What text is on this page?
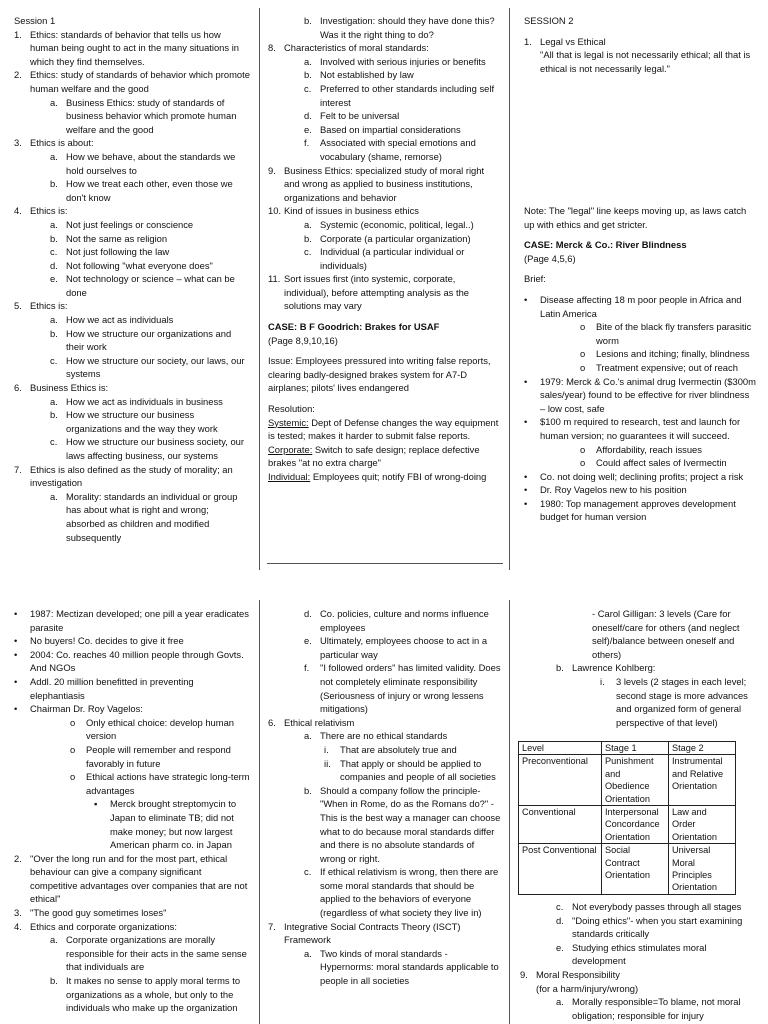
Session 1
1. Ethics: standards of behavior that tells us how human being ought to act in the many situations in which they find themselves.
2. Ethics: study of standards of behavior which promote human welfare and the good
a. Business Ethics: study of standards of business behavior which promote human welfare and the good
3. Ethics is about:
a. How we behave, about the standards we hold ourselves to
b. How we treat each other, even those we don't know
4. Ethics is:
a. Not just feelings or conscience
b. Not the same as religion
c. Not just following the law
d. Not following "what everyone does"
e. Not technology or science – what can be done
5. Ethics is:
a. How we act as individuals
b. How we structure our organizations and their work
c. How we structure our society, our laws, our systems
6. Business Ethics is:
a. How we act as individuals in business
b. How we structure our business organizations and the way they work
c. How we structure our business society, our laws affecting business, our systems
7. Ethics is also defined as the study of morality; an investigation
a. Morality: standards an individual or group has about what is right and wrong; absorbed as children and modified subsequently
b. Investigation: should they have done this? Was it the right thing to do?
8. Characteristics of moral standards:
a. Involved with serious injuries or benefits
b. Not established by law
c. Preferred to other standards including self interest
d. Felt to be universal
e. Based on impartial considerations
f. Associated with special emotions and vocabulary (shame, remorse)
9. Business Ethics: specialized study of moral right and wrong as applied to business institutions, organizations and behavior
10. Kind of issues in business ethics
a. Systemic (economic, political, legal..)
b. Corporate (a particular organization)
c. Individual (a particular individual or individuals)
11. Sort issues first (into systemic, corporate, individual), before attempting analysis as the solutions may vary
CASE: B F Goodrich: Brakes for USAF
(Page 8,9,10,16)
Issue: Employees pressured into writing false reports, clearing badly-designed brakes system for A7-D airplanes; pilots' lives endangered
Resolution:
Systemic: Dept of Defense changes the way equipment is tested; makes it harder to submit false reports.
Corporate: Switch to safe design; replace defective brakes "at no extra charge"
Individual: Employees quit; notify FBI of wrong-doing
SESSION 2
1. Legal vs Ethical
"All that is legal is not necessarily ethical; all that is ethical is not necessarily legal."
Note: The "legal" line keeps moving up, as laws catch up with ethics and get stricter.
CASE: Merck & Co.: River Blindness
(Page 4,5,6)
Brief:
• Disease affecting 18 m poor people in Africa and Latin America
o Bite of the black fly transfers parasitic worm
o Lesions and itching; finally, blindness
o Treatment expensive; out of reach
• 1979: Merck & Co.'s animal drug Ivermectin ($300m sales/year) found to be effective for river blindness – low cost, safe
• $100 m required to research, test and launch for human version; no guarantees it will succeed.
o Affordability, reach issues
o Could affect sales of Ivermectin
• Co. not doing well; declining profits; project a risk
• Dr. Roy Vagelos new to his position
• 1980: Top management approves development budget for human version
• 1987: Mectizan developed; one pill a year eradicates parasite
• No buyers! Co. decides to give it free
• 2004: Co. reaches 40 million people through Govts. And NGOs
• Addl. 20 million benefitted in preventing elephantiasis
• Chairman Dr. Roy Vagelos:
o Only ethical choice: develop human version
o People will remember and respond favorably in future
o Ethical actions have strategic long-term advantages
▪ Merck brought streptomycin to Japan to eliminate TB; did not make money; but now largest American pharm co. in Japan
2. "Over the long run and for the most part, ethical behaviour can give a company significant competitive advantages over companies that are not ethical"
3. "The good guy sometimes loses"
4. Ethics and corporate organizations:
a. Corporate organizations are morally responsible for their acts in the same sense that individuals are
b. It makes no sense to apply moral terms to organizations as a whole, but only to the individuals who make up the organization
d. Co. policies, culture and norms influence employees
e. Ultimately, employees choose to act in a particular way
f. "I followed orders" has limited validity. Does not completely eliminate responsibility (Seriousness of injury or wrong lessens mitigations)
6. Ethical relativism
a. There are no ethical standards
i. That are absolutely true and
ii. That apply or should be applied to companies and people of all societies
b. Should a company follow the principle- "When in Rome, do as the Romans do?" - This is the best way a manager can choose what to do because moral standards differ and there is no absolute standards of wrong or right.
c. If ethical relativism is wrong, then there are some moral standards that should be applied to the behaviors of everyone (regardless of what society they live in)
7. Integrative Social Contracts Theory (ISCT) Framework
a. Two kinds of moral standards - Hypernorms: moral standards applicable to people in all societies
- Carol Gilligan: 3 levels (Care for oneself/care for others (and neglect self)/balance between oneself and others)
b. Lawrence Kohlberg:
i. 3 levels (2 stages in each level; second stage is more advances and organized form of general perspective of that level)
Level	Stage 1	Stage 2
Preconventional	Punishment and Obedience Orientation	Instrumental and Relative Orientation
Conventional	Interpersonal Concordance Orientation	Law and Order Orientation
Post Conventional	Social Contract Orientation	Universal Moral Principles Orientation
c. Not everybody passes through all stages
d. "Doing ethics"- when you start examining standards critically
e. Studying ethics stimulates moral development
9. Moral Responsibility
(for a harm/injury/wrong)
a. Morally responsible=To blame, not moral obligation; responsible for injury
